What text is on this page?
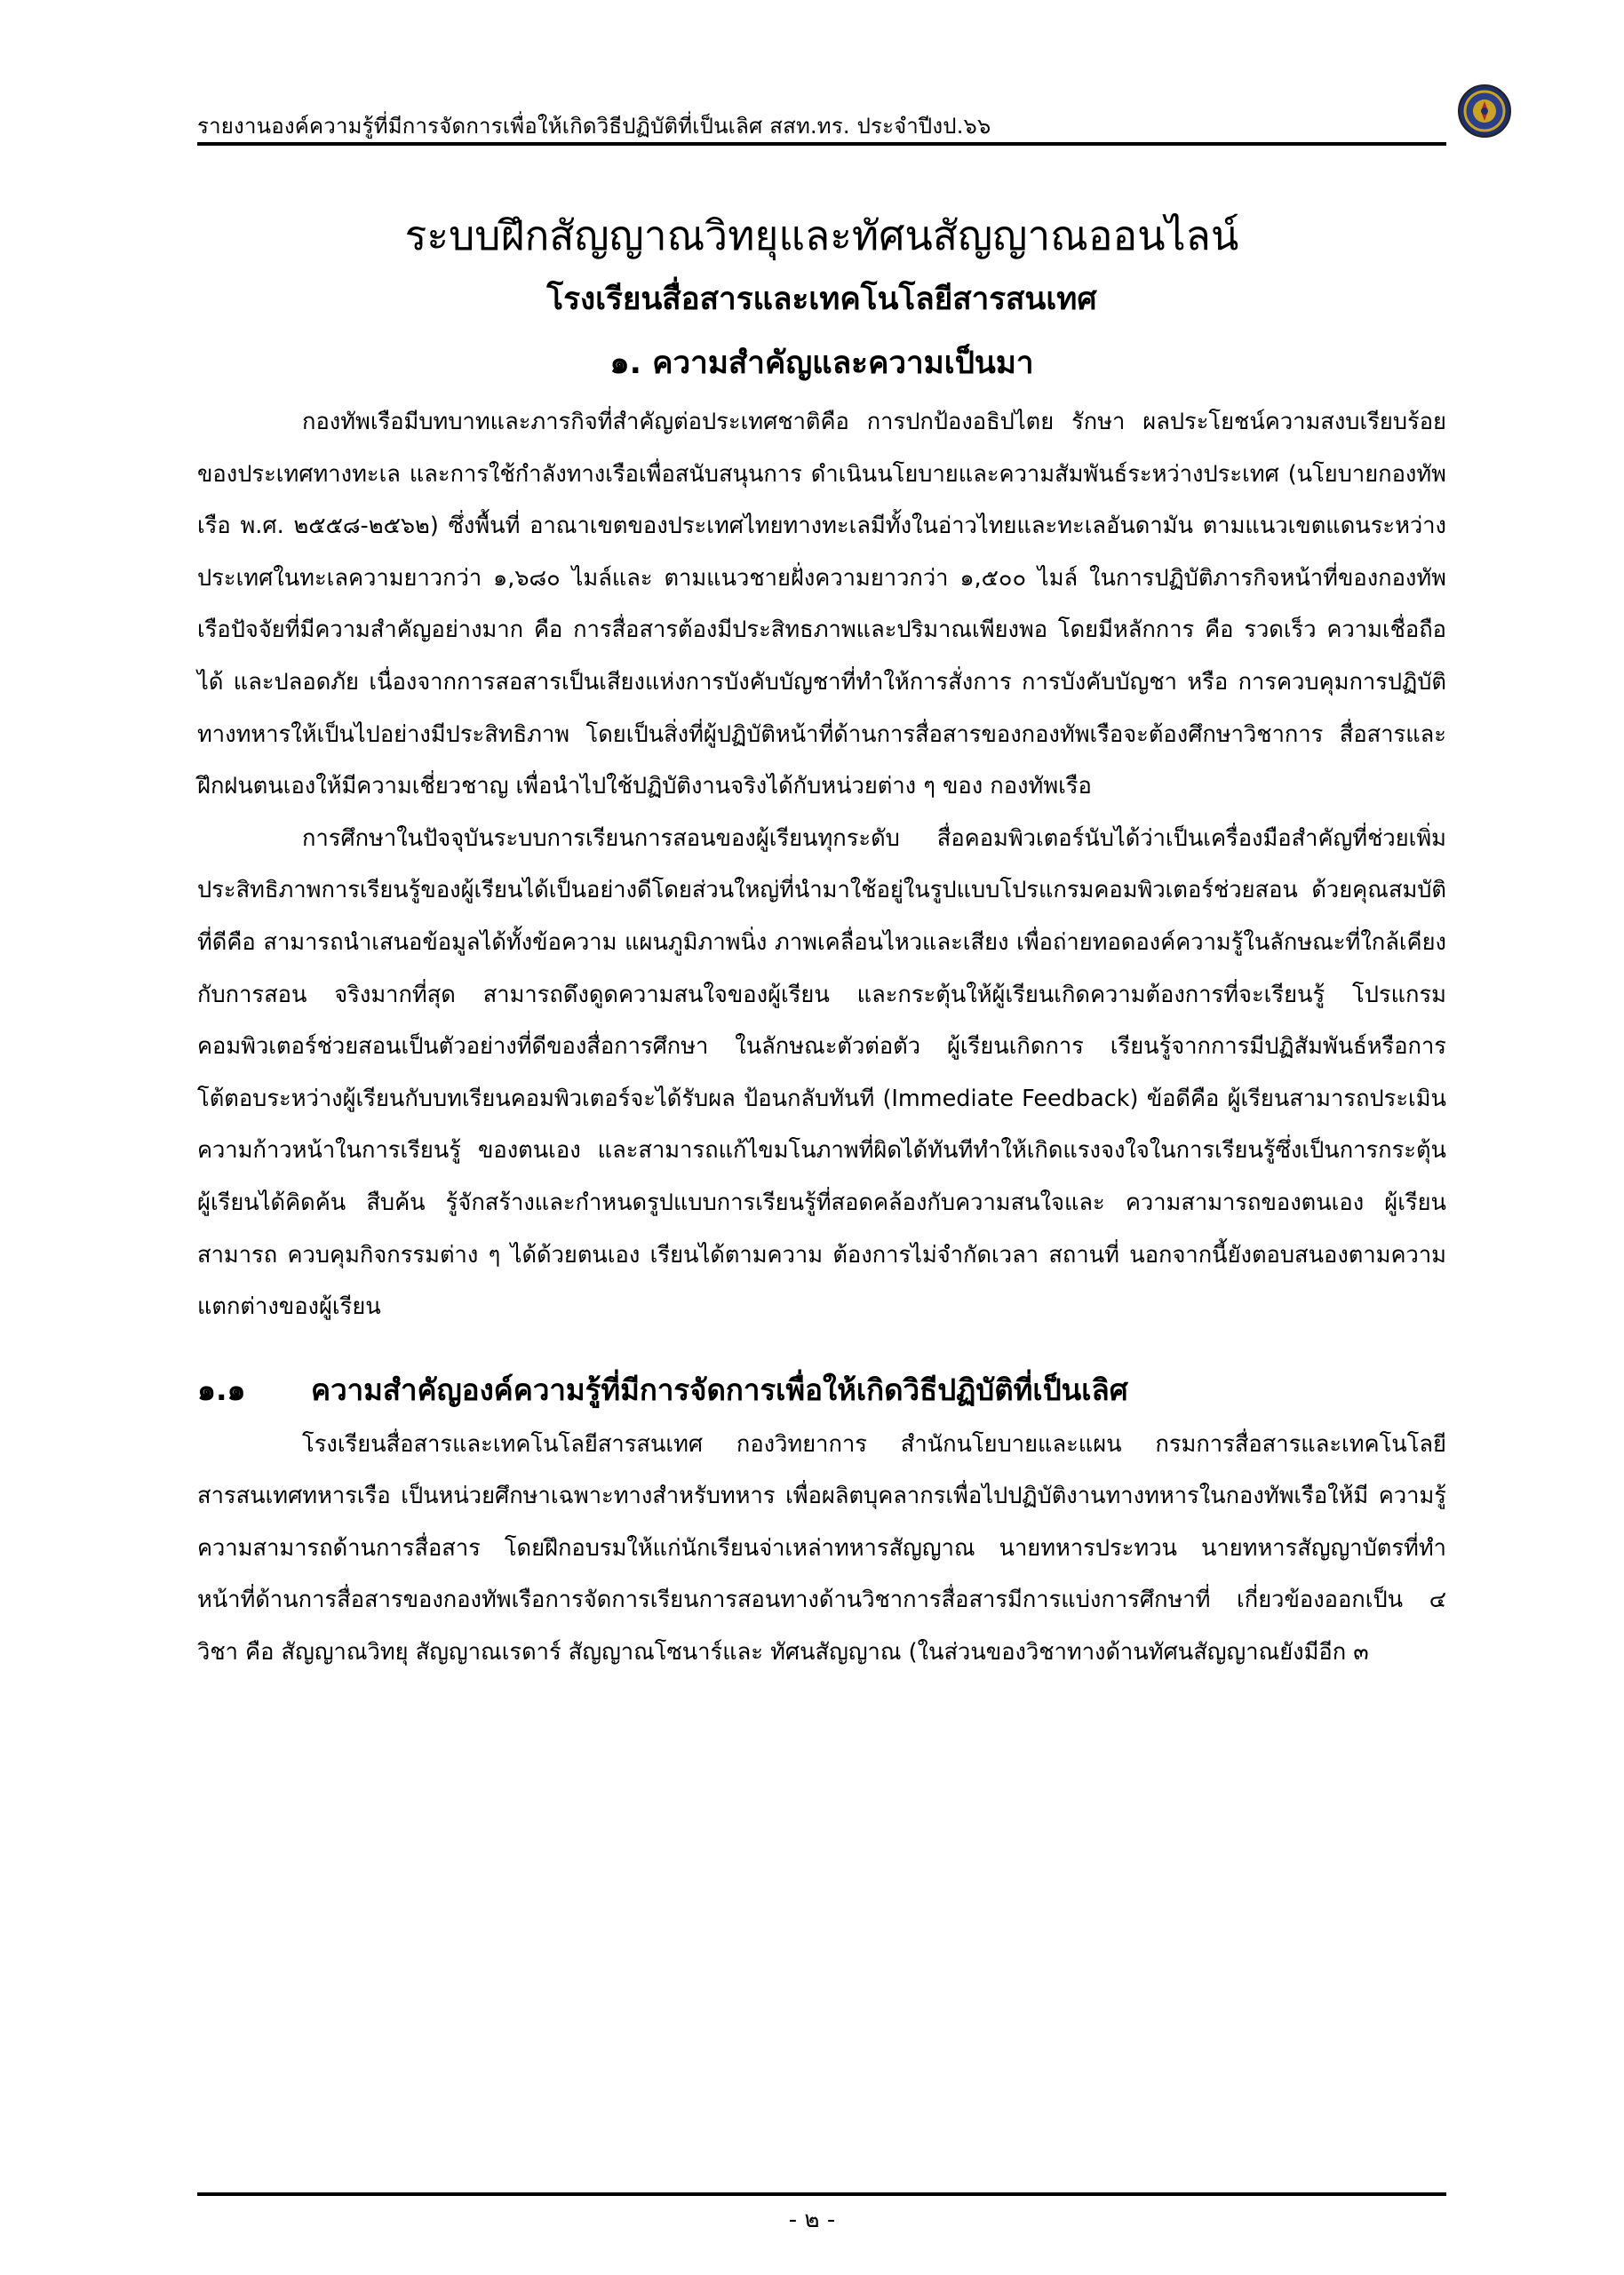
รายงานองค์ความรู้ที่มีการจัดการเพื่อให้เกิดวิธีปฏิบัติที่เป็นเลิศ สสท.ทร. ประจำปีงป.๖๖
ระบบฝึกสัญญาณวิทยุและทัศนสัญญาณออนไลน์
โรงเรียนสื่อสารและเทคโนโลยีสารสนเทศ
๑. ความสำคัญและความเป็นมา

กองทัพเรือมีบทบาทและภารกิจที่สำคัญต่อประเทศชาติคือ การปกป้องอธิปไตย รักษา ผลประโยชน์ความสงบเรียบร้อยของประเทศทางทะเล และการใช้กำลังทางเรือเพื่อสนับสนุนการ ดำเนินนโยบายและความสัมพันธ์ระหว่างประเทศ (นโยบายกองทัพเรือ พ.ศ. ๒๕๕๘-๒๕๖๒) ซึ่งพื้นที่ อาณาเขตของประเทศไทยทางทะเลมีทั้งในอ่าวไทยและทะเลอันดามัน ตามแนวเขตแดนระหว่าง ประเทศในทะเลความยาวกว่า ๑,๖๘๐ ไมล์และ ตามแนวชายฝั่งความยาวกว่า ๑,๕๐๐ ไมล์ ในการปฏิบัติภารกิจหน้าที่ของกองทัพเรือปัจจัยที่มีความสำคัญอย่างมาก คือ การสื่อสารต้องมีประสิทธภาพและปริมาณเพียงพอ โดยมีหลักการ คือ รวดเร็ว ความเชื่อถือได้ และปลอดภัย เนื่องจากการสอสารเป็นเสียงแห่งการบังคับบัญชาที่ทำให้การสั่งการ การบังคับบัญชา หรือ การควบคุมการปฏิบัติทางทหารให้เป็นไปอย่างมีประสิทธิภาพ โดยเป็นสิ่งที่ผู้ปฏิบัติหน้าที่ด้านการสื่อสารของกองทัพเรือจะต้องศึกษาวิชาการ สื่อสารและฝึกฝนตนเองให้มีความเชี่ยวชาญ เพื่อนำไปใช้ปฏิบัติงานจริงได้กับหน่วยต่าง ๆ ของ กองทัพเรือ

การศึกษาในปัจจุบันระบบการเรียนการสอนของผู้เรียนทุกระดับ สื่อคอมพิวเตอร์นับได้ว่าเป็นเครื่องมือสำคัญที่ช่วยเพิ่มประสิทธิภาพการเรียนรู้ของผู้เรียนได้เป็นอย่างดีโดยส่วนใหญ่ที่นำมาใช้อยู่ในรูปแบบโปรแกรมคอมพิวเตอร์ช่วยสอน ด้วยคุณสมบัติที่ดีคือ สามารถนำเสนอข้อมูลได้ทั้งข้อความ แผนภูมิภาพนิ่ง ภาพเคลื่อนไหวและเสียง เพื่อถ่ายทอดองค์ความรู้ในลักษณะที่ใกล้เคียงกับการสอน จริงมากที่สุด สามารถดึงดูดความสนใจของผู้เรียน และกระตุ้นให้ผู้เรียนเกิดความต้องการที่จะเรียนรู้ โปรแกรมคอมพิวเตอร์ช่วยสอนเป็นตัวอย่างที่ดีของสื่อการศึกษา ในลักษณะตัวต่อตัว ผู้เรียนเกิดการ เรียนรู้จากการมีปฏิสัมพันธ์หรือการโต้ตอบระหว่างผู้เรียนกับบทเรียนคอมพิวเตอร์จะได้รับผล ป้อนกลับทันที (Immediate Feedback) ข้อดีคือ ผู้เรียนสามารถประเมินความก้าวหน้าในการเรียนรู้ ของตนเอง และสามารถแก้ไขมโนภาพที่ผิดได้ทันทีทำให้เกิดแรงจงใจในการเรียนรู้ซึ่งเป็นการกระตุ้น ผู้เรียนได้คิดค้น สืบค้น รู้จักสร้างและกำหนดรูปแบบการเรียนรู้ที่สอดคล้องกับความสนใจและ ความสามารถของตนเอง ผู้เรียนสามารถ ควบคุมกิจกรรมต่าง ๆ ได้ด้วยตนเอง เรียนได้ตามความ ต้องการไม่จำกัดเวลา สถานที่ นอกจากนี้ยังตอบสนองตามความแตกต่างของผู้เรียน

๑.๑	ความสำคัญองค์ความรู้ที่มีการจัดการเพื่อให้เกิดวิธีปฏิบัติที่เป็นเลิศ

โรงเรียนสื่อสารและเทคโนโลยีสารสนเทศ กองวิทยาการ สำนักนโยบายและแผน กรมการสื่อสารและเทคโนโลยีสารสนเทศทหารเรือ เป็นหน่วยศึกษาเฉพาะทางสำหรับทหาร เพื่อผลิตบุคลากรเพื่อไปปฏิบัติงานทางทหารในกองทัพเรือให้มี ความรู้ความสามารถด้านการสื่อสาร โดยฝึกอบรมให้แก่นักเรียนจ่าเหล่าทหารสัญญาณ นายทหารประทวน นายทหารสัญญาบัตรที่ทำหน้าที่ด้านการสื่อสารของกองทัพเรือการจัดการเรียนการสอนทางด้านวิชาการสื่อสารมีการแบ่งการศึกษาที่ เกี่ยวข้องออกเป็น ๔ วิชา คือ สัญญาณวิทยุ สัญญาณเรดาร์ สัญญาณโซนาร์และ ทัศนสัญญาณ (ในส่วนของวิชาทางด้านทัศนสัญญาณยังมีอีก ๓

- ๒ -
